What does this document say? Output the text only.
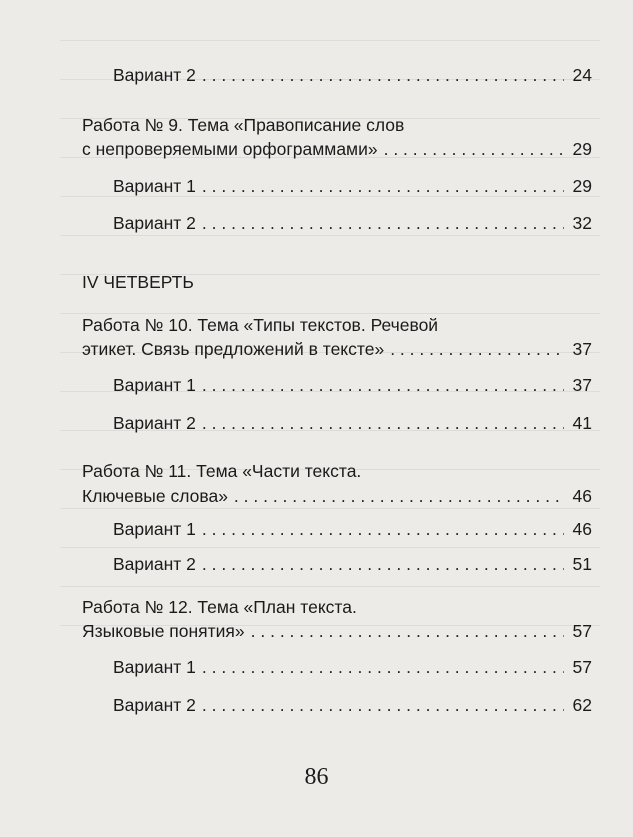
Вариант 2 . . .	24
Работа № 9. Тема «Правописание слов
с непроверяемыми орфограммами» . . .	29
Вариант 1 . . .	29
Вариант 2 . . .	32
IV ЧЕТВЕРТЬ
Работа № 10. Тема «Типы текстов. Речевой
этикет. Связь предложений в тексте» . . .	37
Вариант 1 . . .	37
Вариант 2 . . .	41
Работа № 11. Тема «Части текста.
Ключевые слова» . . .	46
Вариант 1 . . .	46
Вариант 2 . . .	51
Работа № 12. Тема «План текста.
Языковые понятия» . . .	57
Вариант 1 . . .	57
Вариант 2 . . .	62
86
